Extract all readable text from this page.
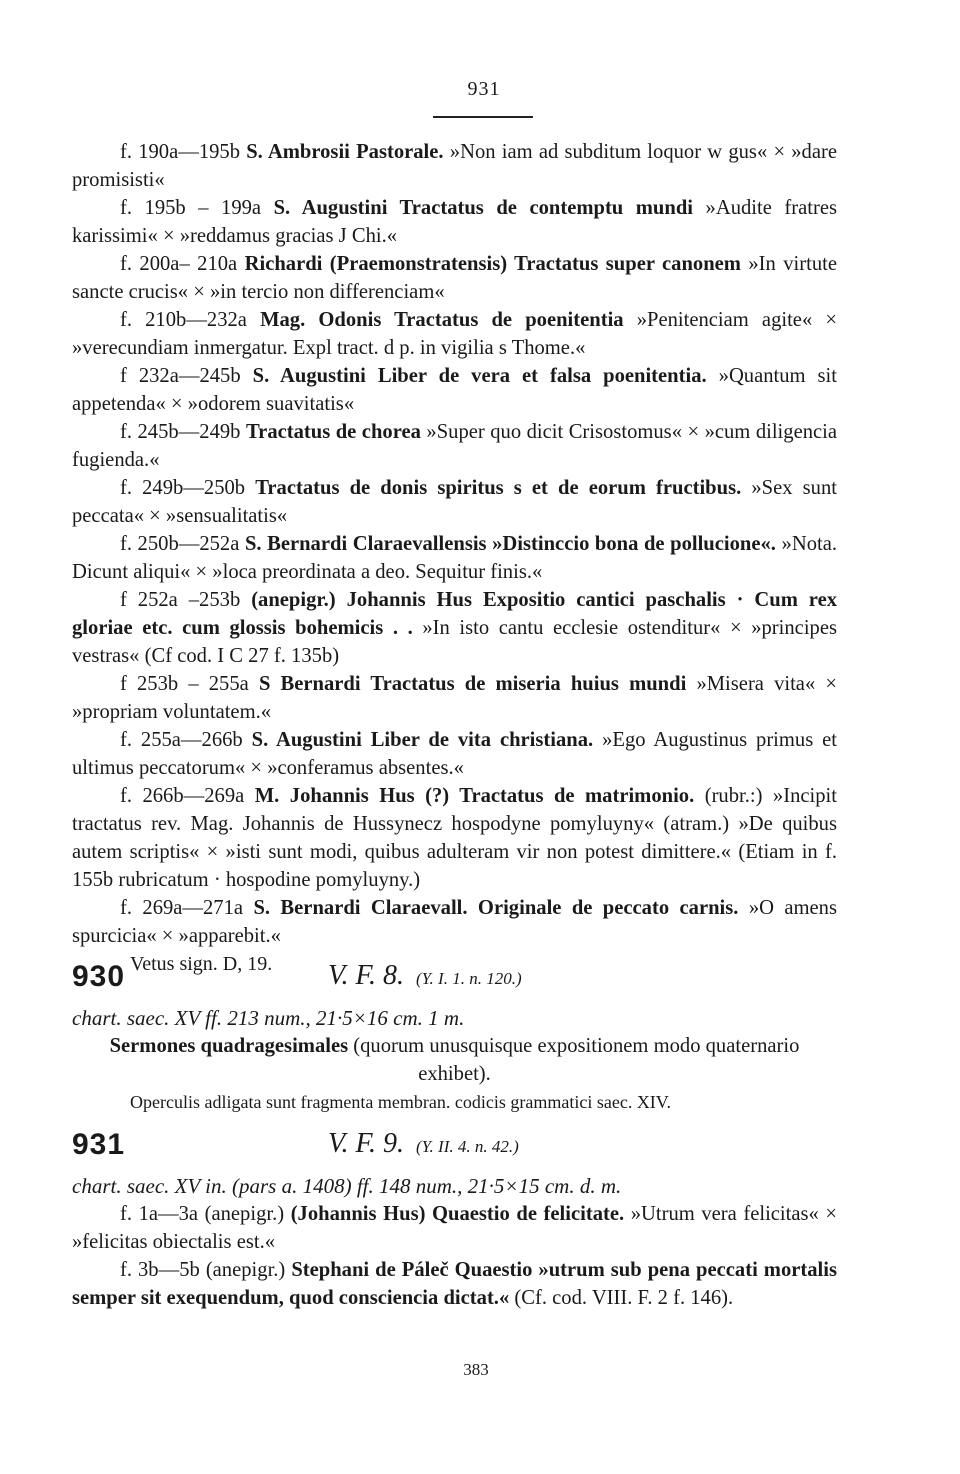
931

f. 190a—195b S. Ambrosii Pastorale. »Non iam ad subditum loquor w gus« × »dare promisisti«

f. 195b – 199a S. Augustini Tractatus de contemptu mundi »Audite fratres karissimi« × »reddamus gracias J Chi.«

f. 200a– 210a Richardi (Praemonstratensis) Tractatus super canonem »In virtute sancte crucis« × »in tercio non differenciam«

f. 210b—232a Mag. Odonis Tractatus de poenitentia »Penitenciam agite« × »verecundiam inmergatur. Expl tract. d p. in vigilia s Thome.«

f 232a—245b S. Augustini Liber de vera et falsa poenitentia. »Quantum sit appetenda« × »odorem suavitatis«

f. 245b—249b Tractatus de chorea »Super quo dicit Crisostomus« × »cum diligencia fugienda.«

f. 249b—250b Tractatus de donis spiritus s et de eorum fructibus. »Sex sunt peccata« × »sensualitatis«

f. 250b—252a S. Bernardi Claraevallensis »Distinccio bona de pollucione«. »Nota. Dicunt aliqui« × »loca preordinata a deo. Sequitur finis.«

f 252a –253b (anepigr.) Johannis Hus Expositio cantici paschalis · Cum rex gloriae etc. cum glossis bohemicis . . »In isto cantu ecclesie ostenditur« × »principes vestras« (Cf cod. I C 27 f. 135b)

f 253b – 255a S Bernardi Tractatus de miseria huius mundi »Misera vita« × »propriam voluntatem.«

f. 255a—266b S. Augustini Liber de vita christiana. »Ego Augustinus primus et ultimus peccatorum« × »conferamus absentes.«

f. 266b—269a M. Johannis Hus (?) Tractatus de matrimonio. (rubr.:) »Incipit tractatus rev. Mag. Johannis de Hussynecz hospodyne pomyluyny« (atram.) »De quibus autem scriptis« × »isti sunt modi, quibus adulteram vir non potest dimittere.« (Etiam in f. 155b rubricatum · hospodine pomyluyny.)

f. 269a—271a S. Bernardi Claraevall. Originale de peccato carnis. »O amens spurcicia« × »apparebit.«

Vetus sign. D, 19.

930	V. F. 8. (Y. I. 1. n. 120.)

chart. saec. XV ff. 213 num., 21·5×16 cm. 1 m.

Sermones quadragesimales (quorum unusquisque expositionem modo quaternario exhibet).

Operculis adligata sunt fragmenta membran. codicis grammatici saec. XIV.

931	V. F. 9. (Y. II. 4. n. 42.)

chart. saec. XV in. (pars a. 1408) ff. 148 num., 21·5×15 cm. d. m.

f. 1a—3a (anepigr.) (Johannis Hus) Quaestio de felicitate. »Utrum vera felicitas« × »felicitas obiectalis est.«

f. 3b—5b (anepigr.) Stephani de Páleč Quaestio »utrum sub pena peccati mortalis semper sit exequendum, quod consciencia dictat.« (Cf. cod. VIII. F. 2 f. 146).

383
